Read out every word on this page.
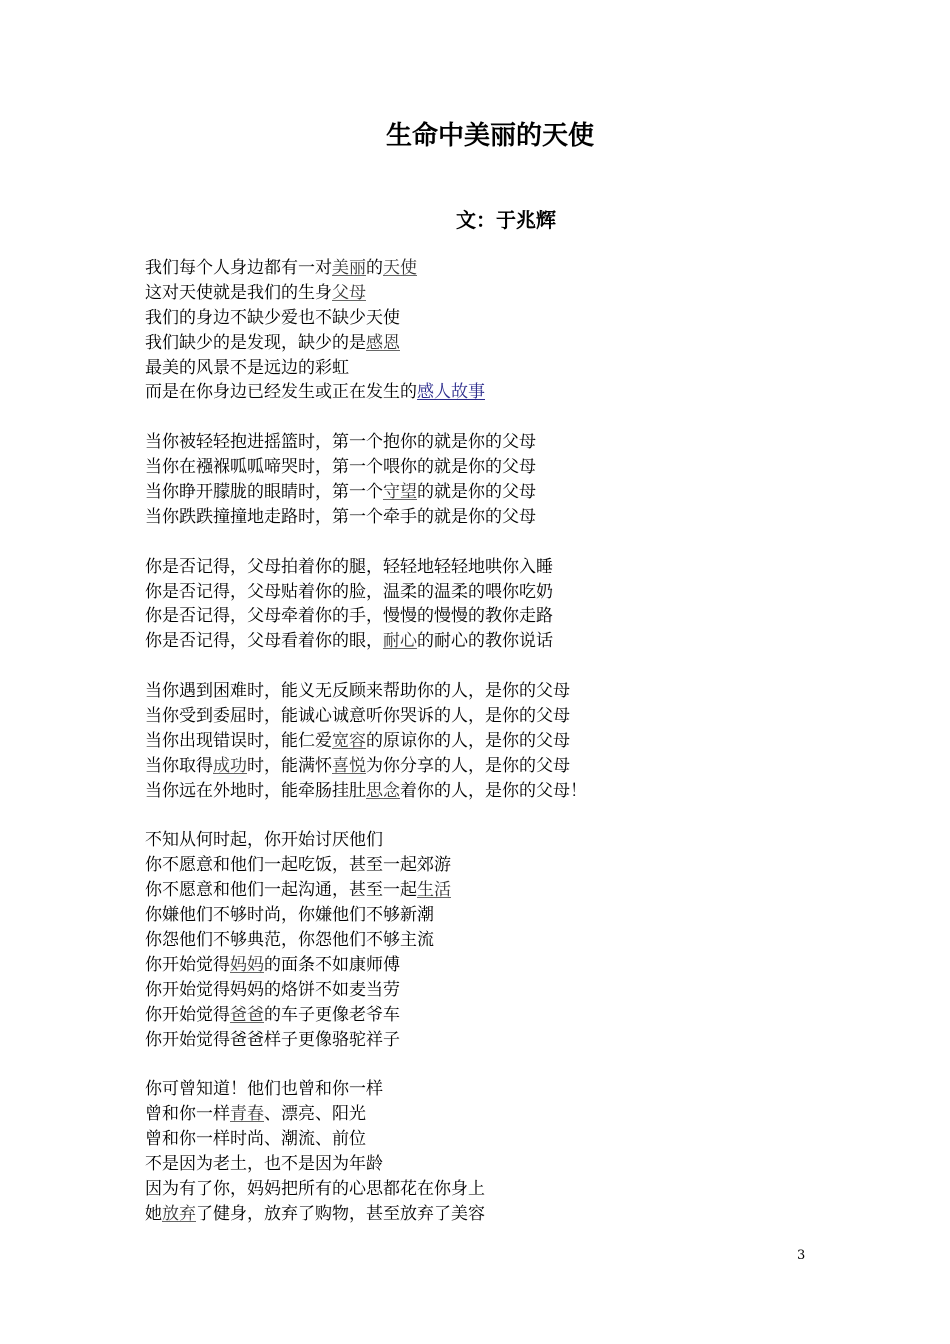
生命中美丽的天使
文：于兆辉
我们每个人身边都有一对美丽的天使
这对天使就是我们的生身父母
我们的身边不缺少爱也不缺少天使
我们缺少的是发现，缺少的是感恩
最美的风景不是远边的彩虹
而是在你身边已经发生或正在发生的感人故事
当你被轻轻抱进摇篮时，第一个抱你的就是你的父母
当你在襁褓呱呱啼哭时，第一个喂你的就是你的父母
当你睁开朦胧的眼睛时，第一个守望的就是你的父母
当你跌跌撞撞地走路时，第一个牵手的就是你的父母
你是否记得，父母拍着你的腿，轻轻地轻轻地哄你入睡
你是否记得，父母贴着你的脸，温柔的温柔的喂你吃奶
你是否记得，父母牵着你的手，慢慢的慢慢的教你走路
你是否记得，父母看着你的眼，耐心的耐心的教你说话
当你遇到困难时，能义无反顾来帮助你的人，是你的父母
当你受到委屈时，能诚心诚意听你哭诉的人，是你的父母
当你出现错误时，能仁爱宽容的原谅你的人，是你的父母
当你取得成功时，能满怀喜悦为你分享的人，是你的父母
当你远在外地时，能牵肠挂肚思念着你的人，是你的父母！
不知从何时起，你开始讨厌他们
你不愿意和他们一起吃饭，甚至一起郊游
你不愿意和他们一起沟通，甚至一起生活
你嫌他们不够时尚，你嫌他们不够新潮
你怨他们不够典范，你怨他们不够主流
你开始觉得妈妈的面条不如康师傅
你开始觉得妈妈的烙饼不如麦当劳
你开始觉得爸爸的车子更像老爷车
你开始觉得爸爸样子更像骆驼祥子
你可曾知道！他们也曾和你一样
曾和你一样青春、漂亮、阳光
曾和你一样时尚、潮流、前位
不是因为老土，也不是因为年龄
因为有了你，妈妈把所有的心思都花在你身上
她放弃了健身，放弃了购物，甚至放弃了美容
3
